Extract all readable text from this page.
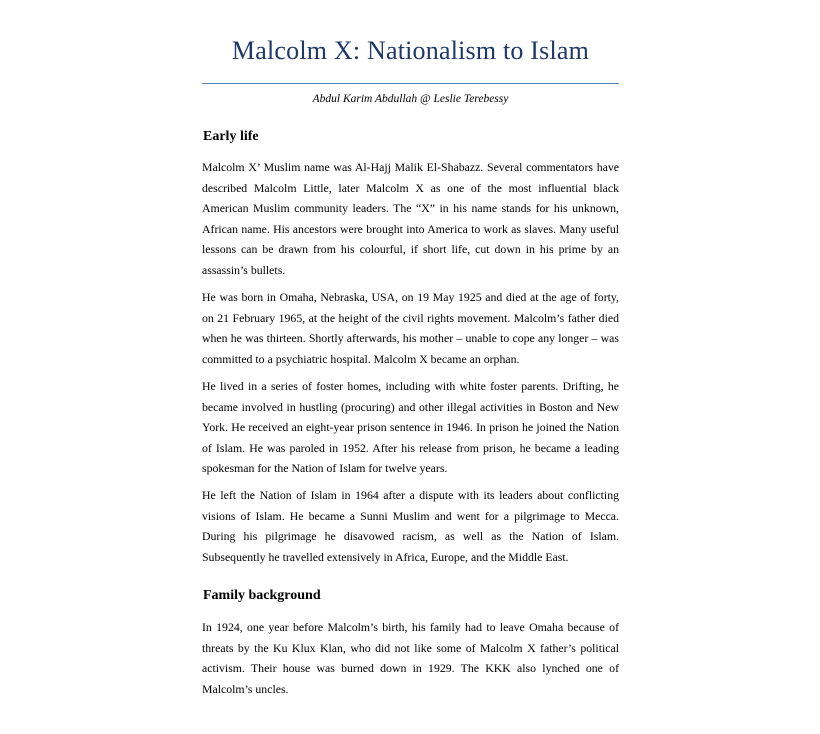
Malcolm X: Nationalism to Islam

Abdul Karim Abdullah @ Leslie Terebessy

Early life

Malcolm X’ Muslim name was Al-Hajj Malik El-Shabazz. Several commentators have described Malcolm Little, later Malcolm X as one of the most influential black American Muslim community leaders. The “X” in his name stands for his unknown, African name. His ancestors were brought into America to work as slaves. Many useful lessons can be drawn from his colourful, if short life, cut down in his prime by an assassin’s bullets.

He was born in Omaha, Nebraska, USA, on 19 May 1925 and died at the age of forty, on 21 February 1965, at the height of the civil rights movement. Malcolm’s father died when he was thirteen. Shortly afterwards, his mother – unable to cope any longer – was committed to a psychiatric hospital. Malcolm X became an orphan.

He lived in a series of foster homes, including with white foster parents. Drifting, he became involved in hustling (procuring) and other illegal activities in Boston and New York. He received an eight-year prison sentence in 1946. In prison he joined the Nation of Islam. He was paroled in 1952. After his release from prison, he became a leading spokesman for the Nation of Islam for twelve years.

He left the Nation of Islam in 1964 after a dispute with its leaders about conflicting visions of Islam. He became a Sunni Muslim and went for a pilgrimage to Mecca. During his pilgrimage he disavowed racism, as well as the Nation of Islam. Subsequently he travelled extensively in Africa, Europe, and the Middle East.

Family background

In 1924, one year before Malcolm’s birth, his family had to leave Omaha because of threats by the Ku Klux Klan, who did not like some of Malcolm X father’s political activism. Their house was burned down in 1929. The KKK also lynched one of Malcolm’s uncles.
